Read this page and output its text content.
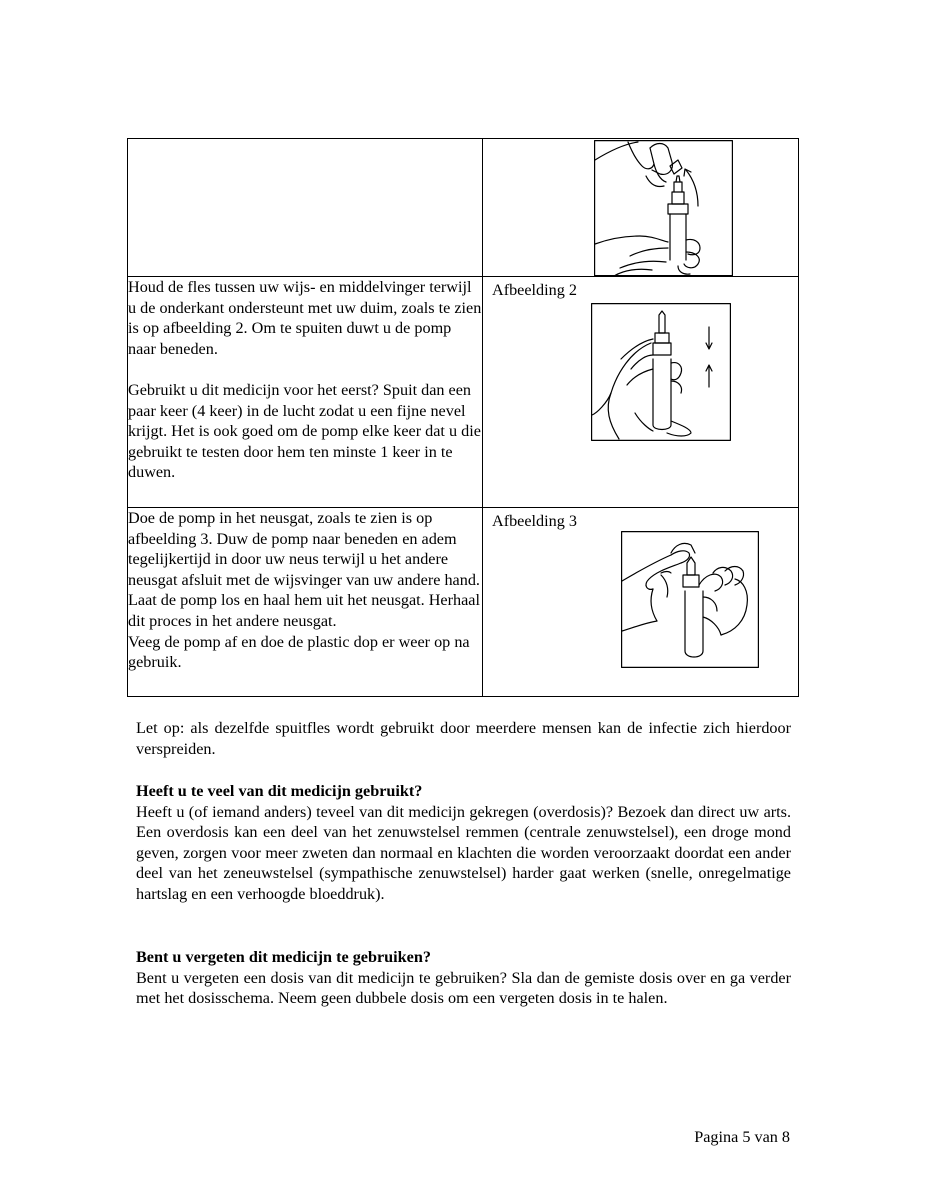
Houd de fles tussen uw wijs- en middelvinger terwijl u de onderkant ondersteunt met uw duim, zoals te zien is op afbeelding 2. Om te spuiten duwt u de pomp naar beneden.

Gebruikt u dit medicijn voor het eerst? Spuit dan een paar keer (4 keer) in de lucht zodat u een fijne nevel krijgt. Het is ook goed om de pomp elke keer dat u die gebruikt te testen door hem ten minste 1 keer in te duwen.	Afbeelding 2

Doe de pomp in het neusgat, zoals te zien is op afbeelding 3. Duw de pomp naar beneden en adem tegelijkertijd in door uw neus terwijl u het andere neusgat afsluit met de wijsvinger van uw andere hand. Laat de pomp los en haal hem uit het neusgat. Herhaal dit proces in het andere neusgat.
Veeg de pomp af en doe de plastic dop er weer op na gebruik.	Afbeelding 3

Let op: als dezelfde spuitfles wordt gebruikt door meerdere mensen kan de infectie zich hierdoor verspreiden.

Heeft u te veel van dit medicijn gebruikt?
Heeft u (of iemand anders) teveel van dit medicijn gekregen (overdosis)? Bezoek dan direct uw arts. Een overdosis kan een deel van het zenuwstelsel remmen (centrale zenuwstelsel), een droge mond geven, zorgen voor meer zweten dan normaal en klachten die worden veroorzaakt doordat een ander deel van het zeneuwstelsel (sympathische zenuwstelsel) harder gaat werken (snelle, onregelmatige hartslag en een verhoogde bloeddruk).

Bent u vergeten dit medicijn te gebruiken?
Bent u vergeten een dosis van dit medicijn te gebruiken? Sla dan de gemiste dosis over en ga verder met het dosisschema. Neem geen dubbele dosis om een vergeten dosis in te halen.

Pagina 5 van 8
